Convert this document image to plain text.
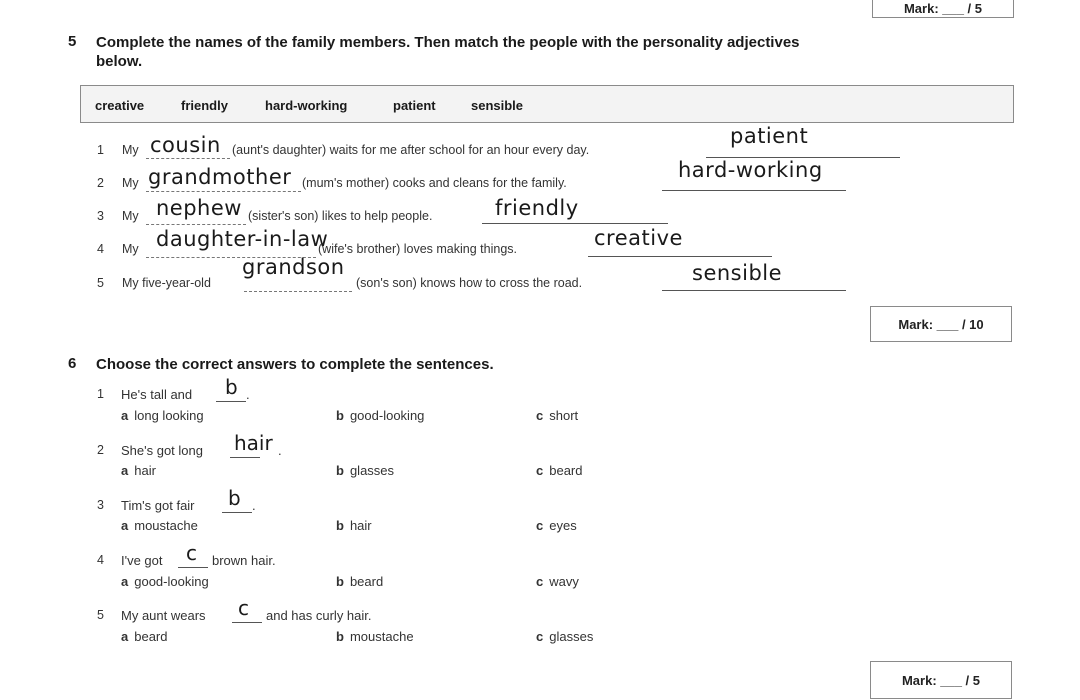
Mark: ___ / 5
5 Complete the names of the family members. Then match the people with the personality adjectives
below.
creative	friendly	hard-working	patient	sensible
1 My cousin (aunt's daughter) waits for me after school for an hour every day.
patient
2 My grandmother (mum's mother) cooks and cleans for the family.
hard-working
3 My nephew (sister's son) likes to help people.	friendly
4 My daughter-in-law
(wife's brother) loves making things.	creative
5 My five-year-old
grandson
(son's son) knows how to cross the road.	sensible
Mark: ___ / 10
6 Choose the correct answers to complete the sentences.
1 He's tall and b .
a long looking	b good-looking	c short
2 She's got long hair .
a hair	b glasses	c beard
3 Tim's got fair b .
a moustache	b hair	c eyes
4 I've got c brown hair.
a good-looking	b beard	c wavy
5 My aunt wears c and has curly hair.
a beard	b moustache	c glasses
Mark: ___ / 5
